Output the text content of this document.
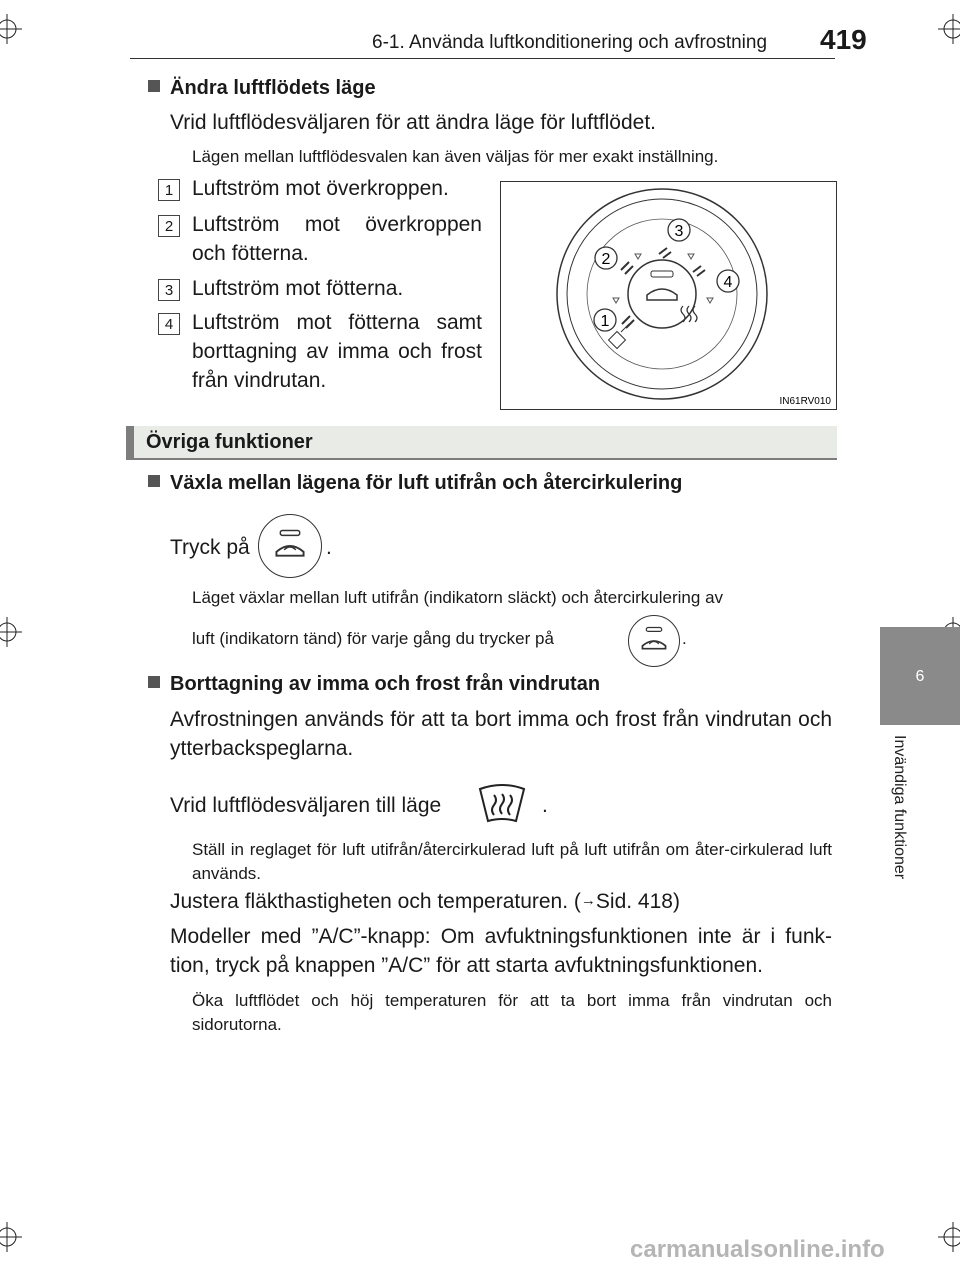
6-1. Använda luftkonditionering och avfrostning 419
6
Invändiga funktioner
Ändra luftflödets läge
Vrid luftflödesväljaren för att ändra läge för luftflödet.
Lägen mellan luftflödesvalen kan även väljas för mer exakt inställning.
1 Luftström mot överkroppen.
2 Luftström mot överkroppen och fötterna.
3 Luftström mot fötterna.
4 Luftström mot fötterna samt borttagning av imma och frost från vindrutan.
1
2
3
4
IN61RV010
Övriga funktioner
Växla mellan lägena för luft utifrån och återcirkulering
Tryck på	.
Läget växlar mellan luft utifrån (indikatorn släckt) och återcirkulering av
luft (indikatorn tänd) för varje gång du trycker på	.
Borttagning av imma och frost från vindrutan
Avfrostningen används för att ta bort imma och frost från vindrutan och ytterbackspeglarna.
Vrid luftflödesväljaren till läge	.
Ställ in reglaget för luft utifrån/återcirkulerad luft på luft utifrån om åter-cirkulerad luft används.
Justera fläkthastigheten och temperaturen. (→Sid. 418)
Modeller med ”A/C”-knapp: Om avfuktningsfunktionen inte är i funk-tion, tryck på knappen ”A/C” för att starta avfuktningsfunktionen.
Öka luftflödet och höj temperaturen för att ta bort imma från vindrutan och sidorutorna.
carmanualsonline.info
